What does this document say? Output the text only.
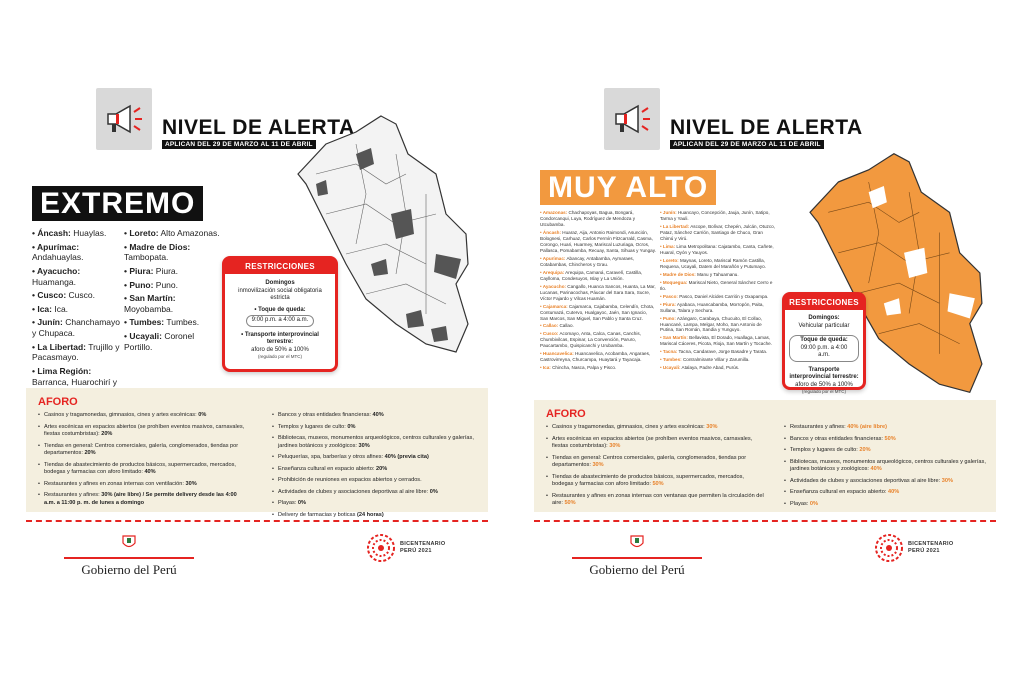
NIVEL DE ALERTA
APLICAN DEL 29 DE MARZO AL 11 DE ABRIL
EXTREMO
• Áncash: Huaylas.
• Apurímac: Andahuaylas.
• Ayacucho: Huamanga.
• Cusco: Cusco.
• Ica: Ica.
• Junín: Chanchamayo y Chupaca.
• La Libertad: Trujillo y Pacasmayo.
• Lima Región: Barranca, Huarochirí y
• Loreto: Alto Amazonas.
• Madre de Dios: Tambopata.
• Piura: Piura.
• Puno: Puno.
• San Martín: Moyobamba.
• Tumbes: Tumbes.
• Ucayali: Coronel Portillo.
RESTRICCIONES
Domingos
inmovilización social obligatoria estricta
• Toque de queda:
9:00 p.m. a 4:00 a.m.
• Transporte interprovincial terrestre:
aforo de 50% a 100%
(regulado por el MTC)
AFORO
• Casinos y tragamonedas, gimnasios, cines y artes escénicas: 0%
• Artes escénicas en espacios abiertos (se prohíben eventos masivos, carnavales, fiestas costumbristas): 20%
• Tiendas en general: Centros comerciales, galería, conglomerados, tiendas por departamentos: 20%
• Tiendas de abastecimiento de productos básicos, supermercados, mercados, bodegas y farmacias con aforo limitado: 40%
• Restaurantes y afines en zonas internas con ventilación: 30%
• Restaurantes y afines: 30% (aire libre) / Se permite delivery desde las 4:00 a.m. a 11:00 p. m. de lunes a domingo
• Bancos y otras entidades financieras: 40%
• Templos y lugares de culto: 0%
• Bibliotecas, museos, monumentos arqueológicos, centros culturales y galerías, jardines botánicos y zoológicos: 30%
• Peluquerías, spa, barberías y otros afines: 40% (previa cita)
• Enseñanza cultural en espacio abierto: 20%
• Prohibición de reuniones en espacios abiertos y cerrados.
• Actividades de clubes y asociaciones deportivas al aire libre: 0%
• Playas: 0%
• Delivery de farmacias y boticas (24 horas)
Gobierno del Perú
BICENTENARIO
PERÚ 2021
NIVEL DE ALERTA
APLICAN DEL 29 DE MARZO AL 11 DE ABRIL
MUY ALTO
• Amazonas: Chachapoyas, Bagua, Bongará, Condorcanqui, Luya, Rodríguez de Mendoza y Utcubamba.
• Áncash: Huaraz, Aija, Antonio Raimondi, Asunción, Bolognesi, Carhuaz, Carlos Fermín Fitzcarrald, Casma, Corongo, Huari, Huarmey, Mariscal Luzuriaga, Ocros, Pallasca, Pomabamba, Recuay, Santa, Sihuas y Yungay.
• Apurímac: Abancay, Antabamba, Aymaraes, Cotabambas, Chincheros y Grau.
• Arequipa: Arequipa, Camaná, Caravelí, Castilla, Caylloma, Condesuyos, Islay y La Unión.
• Ayacucho: Cangallo, Huanca Sancos, Huanta, La Mar, Lucanas, Parinacochas, Páucar del Sara Sara, Sucre, Víctor Fajardo y Vilcas Huamán.
• Cajamarca: Cajamarca, Cajabamba, Celendín, Chota, Contumazá, Cutervo, Hualgayoc, Jaén, San Ignacio, San Marcos, San Miguel, San Pablo y Santa Cruz.
• Callao: Callao.
• Cusco: Acomayo, Anta, Calca, Canas, Canchis, Chumbivilcas, Espinar, La Convención, Paruro, Paucartambo, Quispicanchi y Urubamba.
• Huancavelica: Huancavelica, Acobamba, Angaraes, Castrovirreyna, Churcampa, Huaytará y Tayacaja.
• Ica: Chincha, Nasca, Palpa y Pisco.
• Junín: Huancayo, Concepción, Jauja, Junín, Satipo, Tarma y Yauli.
• La Libertad: Ascope, Bolívar, Chepén, Julcán, Otuzco, Pataz, Sánchez Carrión, Santiago de Chuco, Gran Chimú y Virú.
• Lima: Lima Metropolitana: Cajatambo, Canta, Cañete, Huaral, Oyón y Yauyos.
• Loreto: Maynas, Loreto, Mariscal Ramón Castilla, Requena, Ucayali, Datem del Marañón y Putumayo.
• Madre de Dios: Manu y Tahuamanu.
• Moquegua: Mariscal Nieto, General Sánchez Cerro e Ilo.
• Pasco: Pasco, Daniel Alcides Carrión y Oxapampa.
• Piura: Ayabaca, Huancabamba, Morropón, Paita, Sullana, Talara y Sechura.
• Puno: Azángaro, Carabaya, Chucuito, El Collao, Huancané, Lampa, Melgar, Moho, San Antonio de Putina, San Román, Sandia y Yunguyo.
• San Martín: Bellavista, El Dorado, Huallaga, Lamas, Mariscal Cáceres, Picota, Rioja, San Martín y Tocache.
• Tacna: Tacna, Candarave, Jorge Basadre y Tarata.
• Tumbes: Contralmirante Villar y Zarumilla.
• Ucayali: Atalaya, Padre Abad, Purús.
RESTRICCIONES
Domingos:
Vehicular particular
Toque de queda:
09:00 p.m. a 4:00 a.m.
Transporte interprovincial terrestre:
aforo de 50% a 100%
(regulado por el MTC)
AFORO
• Casinos y tragamonedas, gimnasios, cines y artes escénicas: 30%
• Artes escénicas en espacios abiertos (se prohíben eventos masivos, carnavales, fiestas costumbristas): 30%
• Tiendas en general: Centros comerciales, galería, conglomerados, tiendas por departamentos: 30%
• Tiendas de abastecimiento de productos básicos, supermercados, mercados, bodegas y farmacias con aforo limitado: 50%
• Restaurantes y afines en zonas internas con ventanas que permiten la circulación del aire: 50%
• Restaurantes y afines: 40% (aire libre)
• Bancos y otras entidades financieras: 50%
• Templos y lugares de culto: 20%
• Bibliotecas, museos, monumentos arqueológicos, centros culturales y galerías, jardines botánicos y zoológicos: 40%
• Actividades de clubes y asociaciones deportivas al aire libre: 30%
• Enseñanza cultural en espacio abierto: 40%
• Playas: 0%
Gobierno del Perú
BICENTENARIO
PERÚ 2021
